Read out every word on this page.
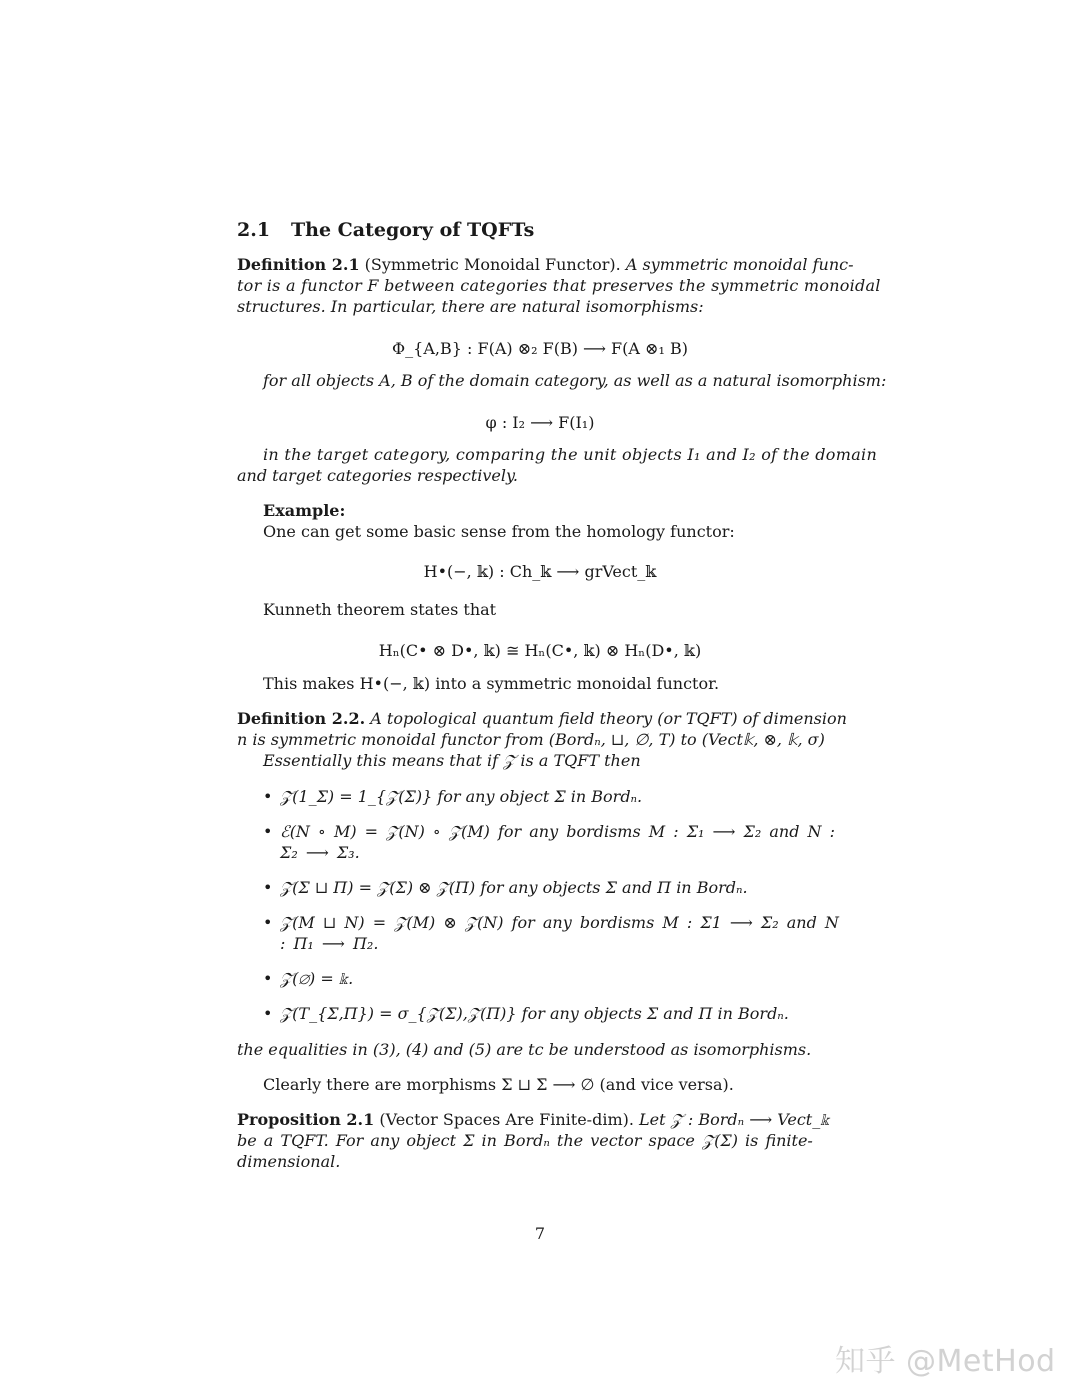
2.1 The Category of TQFTs
Definition 2.1 (Symmetric Monoidal Functor). A symmetric monoidal func-
tor is a functor F between categories that preserves the symmetric monoidal
structures. In particular, there are natural isomorphisms:
Φ_{A,B} : F(A) ⊗₂ F(B) ⟶ F(A ⊗₁ B)
for all objects A, B of the domain category, as well as a natural isomorphism:
φ : I₂ ⟶ F(I₁)
in the target category, comparing the unit objects I₁ and I₂ of the domain
and target categories respectively.
Example:
One can get some basic sense from the homology functor:
H•(−, 𝕜) : Ch_𝕜 ⟶ grVect_𝕜
Kunneth theorem states that
Hₙ(C• ⊗ D•, 𝕜) ≅ Hₙ(C•, 𝕜) ⊗ Hₙ(D•, 𝕜)
This makes H•(−, 𝕜) into a symmetric monoidal functor.
Definition 2.2. A topological quantum field theory (or TQFT) of dimension
n is symmetric monoidal functor from (Bordₙ, ⊔, ∅, T) to (Vect𝕜, ⊗, 𝕜, σ)
Essentially this means that if 𝒵 is a TQFT then
• 𝒵(1_Σ) = 1_{𝒵(Σ)} for any object Σ in Bordₙ.
• ℰ(N ∘ M) = 𝒵(N) ∘ 𝒵(M) for any bordisms M : Σ₁ ⟶ Σ₂ and N : Σ₂ ⟶ Σ₃.
• 𝒵(Σ ⊔ Π) = 𝒵(Σ) ⊗ 𝒵(Π) for any objects Σ and Π in Bordₙ.
• 𝒵(M ⊔ N) = 𝒵(M) ⊗ 𝒵(N) for any bordisms M : Σ1 ⟶ Σ₂ and N : Π₁ ⟶ Π₂.
• 𝒵(∅) = 𝕜.
• 𝒵(T_{Σ,Π}) = σ_{𝒵(Σ),𝒵(Π)} for any objects Σ and Π in Bordₙ.
the equalities in (3), (4) and (5) are tc be understood as isomorphisms.
Clearly there are morphisms Σ ⊔ Σ̄ ⟶ ∅ (and vice versa).
Proposition 2.1 (Vector Spaces Are Finite-dim). Let 𝒵 : Bordₙ ⟶ Vect_𝕜
be a TQFT. For any object Σ in Bordₙ the vector space 𝒵(Σ) is finite-
dimensional.
7
知乎 @MetHod
